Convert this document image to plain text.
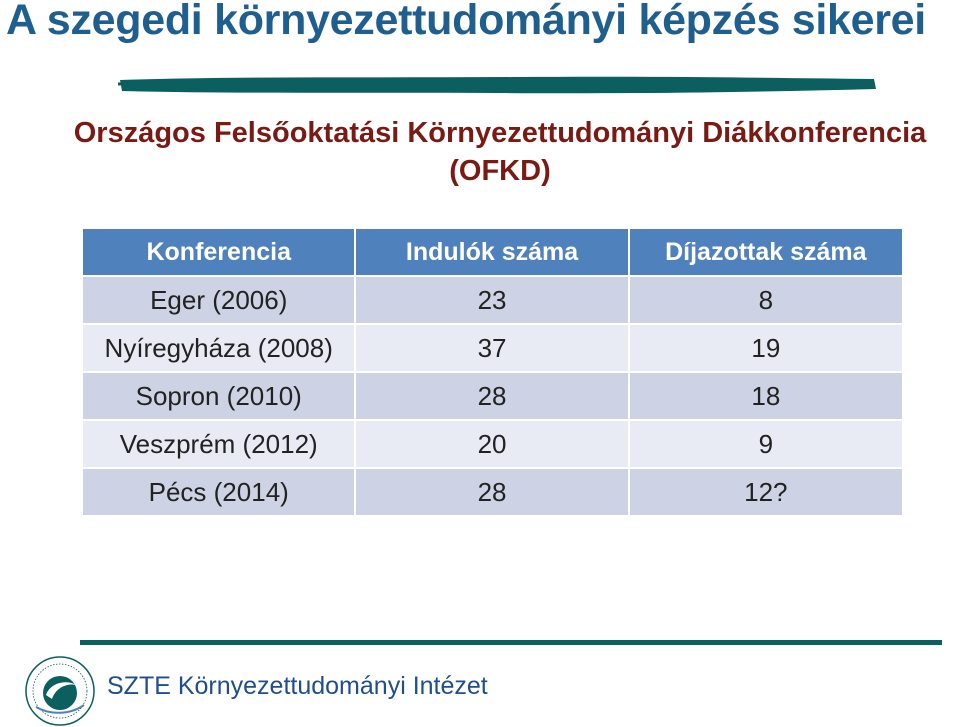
A szegedi környezettudományi képzés sikerei
Országos Felsőoktatási Környezettudományi Diákkonferencia
(OFKD)
Konferencia	Indulók száma	Díjazottak száma
Eger (2006)	23	8
Nyíregyháza (2008)	37	19
Sopron (2010)	28	18
Veszprém (2012)	20	9
Pécs (2014)	28	12?
SZTE Környezettudományi Intézet
